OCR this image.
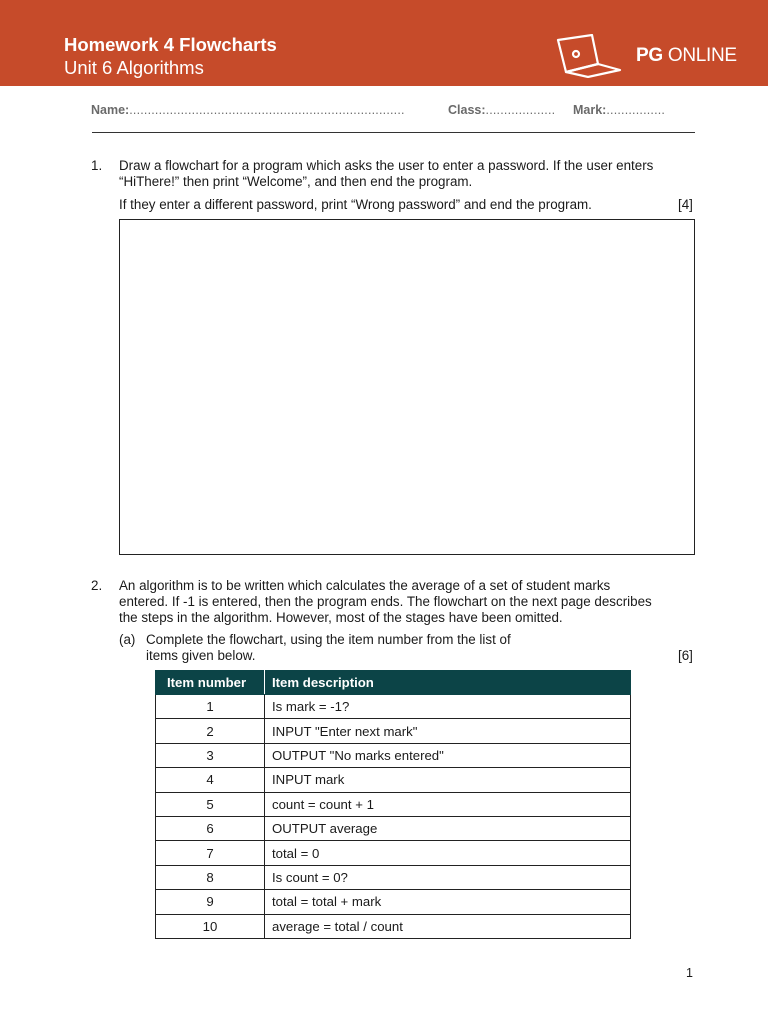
Homework 4 Flowcharts
Unit 6 Algorithms
PG ONLINE
Name:...........................................................................	Class:................... Mark:................
1. Draw a flowchart for a program which asks the user to enter a password. If the user enters
“HiThere!” then print “Welcome”, and then end the program.
If they enter a different password, print “Wrong password” and end the program.	[4]
2. An algorithm is to be written which calculates the average of a set of student marks
entered. If -1 is entered, then the program ends. The flowchart on the next page describes
the steps in the algorithm. However, most of the stages have been omitted.
(a) Complete the flowchart, using the item number from the list of
items given below.	[6]
Item number	Item description
1	Is mark = -1?
2	INPUT "Enter next mark"
3	OUTPUT "No marks entered"
4	INPUT mark
5	count = count + 1
6	OUTPUT average
7	total = 0
8	Is count = 0?
9	total = total + mark
10	average = total / count
1
